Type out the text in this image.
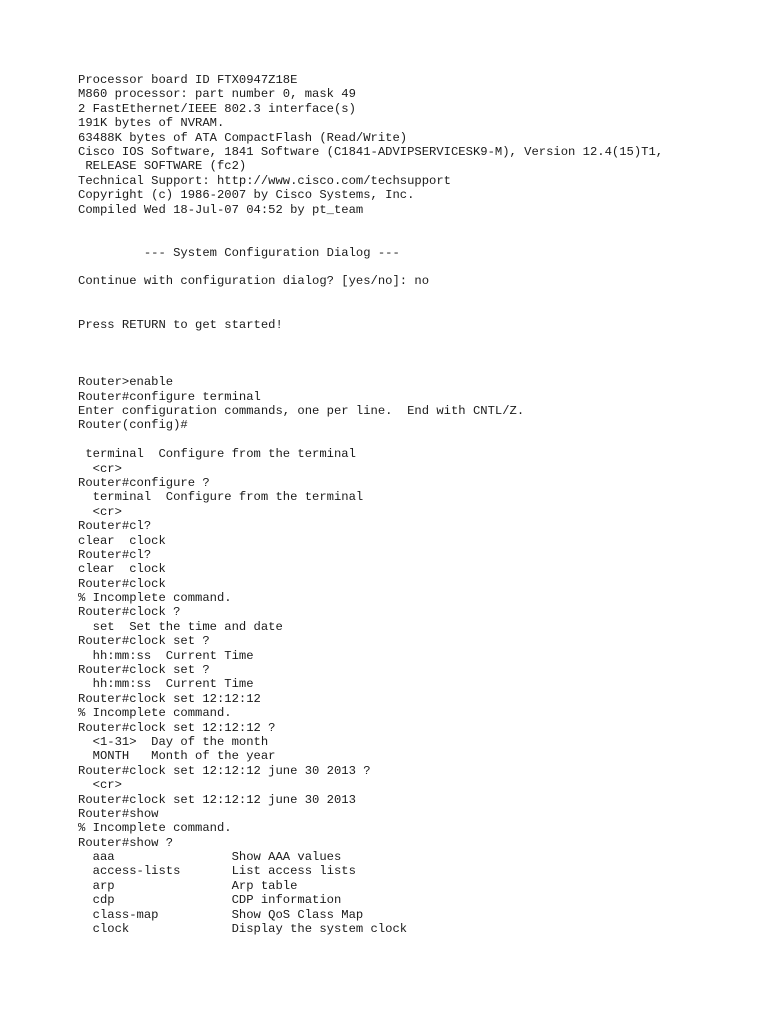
Processor board ID FTX0947Z18E
M860 processor: part number 0, mask 49
2 FastEthernet/IEEE 802.3 interface(s)
191K bytes of NVRAM.
63488K bytes of ATA CompactFlash (Read/Write)
Cisco IOS Software, 1841 Software (C1841-ADVIPSERVICESK9-M), Version 12.4(15)T1,
RELEASE SOFTWARE (fc2)
Technical Support: http://www.cisco.com/techsupport
Copyright (c) 1986-2007 by Cisco Systems, Inc.
Compiled Wed 18-Jul-07 04:52 by pt_team
--- System Configuration Dialog ---
Continue with configuration dialog? [yes/no]: no
Press RETURN to get started!
Router>enable
Router#configure terminal
Enter configuration commands, one per line.  End with CNTL/Z.
Router(config)#
terminal  Configure from the terminal
<cr>
Router#configure ?
terminal  Configure from the terminal
<cr>
Router#cl?
clear  clock
Router#cl?
clear  clock
Router#clock
% Incomplete command.
Router#clock ?
set  Set the time and date
Router#clock set ?
hh:mm:ss  Current Time
Router#clock set ?
hh:mm:ss  Current Time
Router#clock set 12:12:12
% Incomplete command.
Router#clock set 12:12:12 ?
<1-31>  Day of the month
MONTH   Month of the year
Router#clock set 12:12:12 june 30 2013 ?
<cr>
Router#clock set 12:12:12 june 30 2013
Router#show
% Incomplete command.
Router#show ?
aaa                Show AAA values
access-lists       List access lists
arp                Arp table
cdp                CDP information
class-map          Show QoS Class Map
clock              Display the system clock
